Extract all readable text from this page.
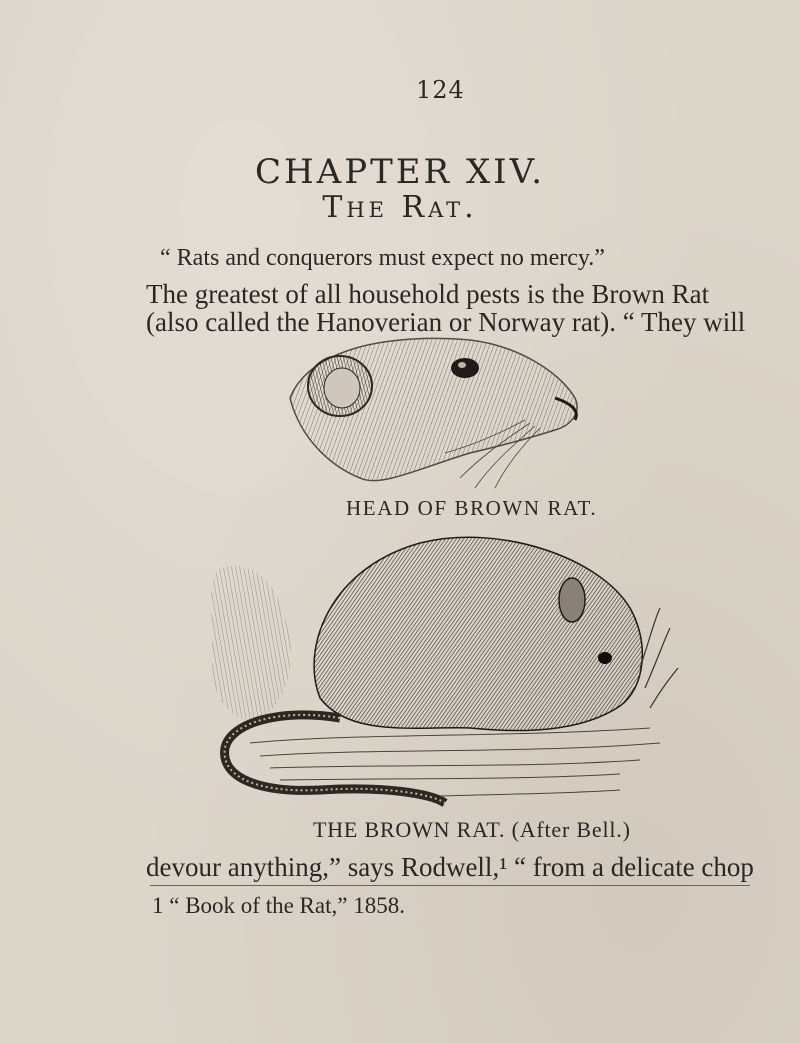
124
CHAPTER XIV.
The Rat.
“ Rats and conquerors must expect no mercy.”
The greatest of all household pests is the Brown Rat
(also called the Hanoverian or Norway rat). “ They will
HEAD OF BROWN RAT.
THE BROWN RAT. (After Bell.)
devour anything,” says Rodwell,¹ “ from a delicate chop
1 “ Book of the Rat,” 1858.
